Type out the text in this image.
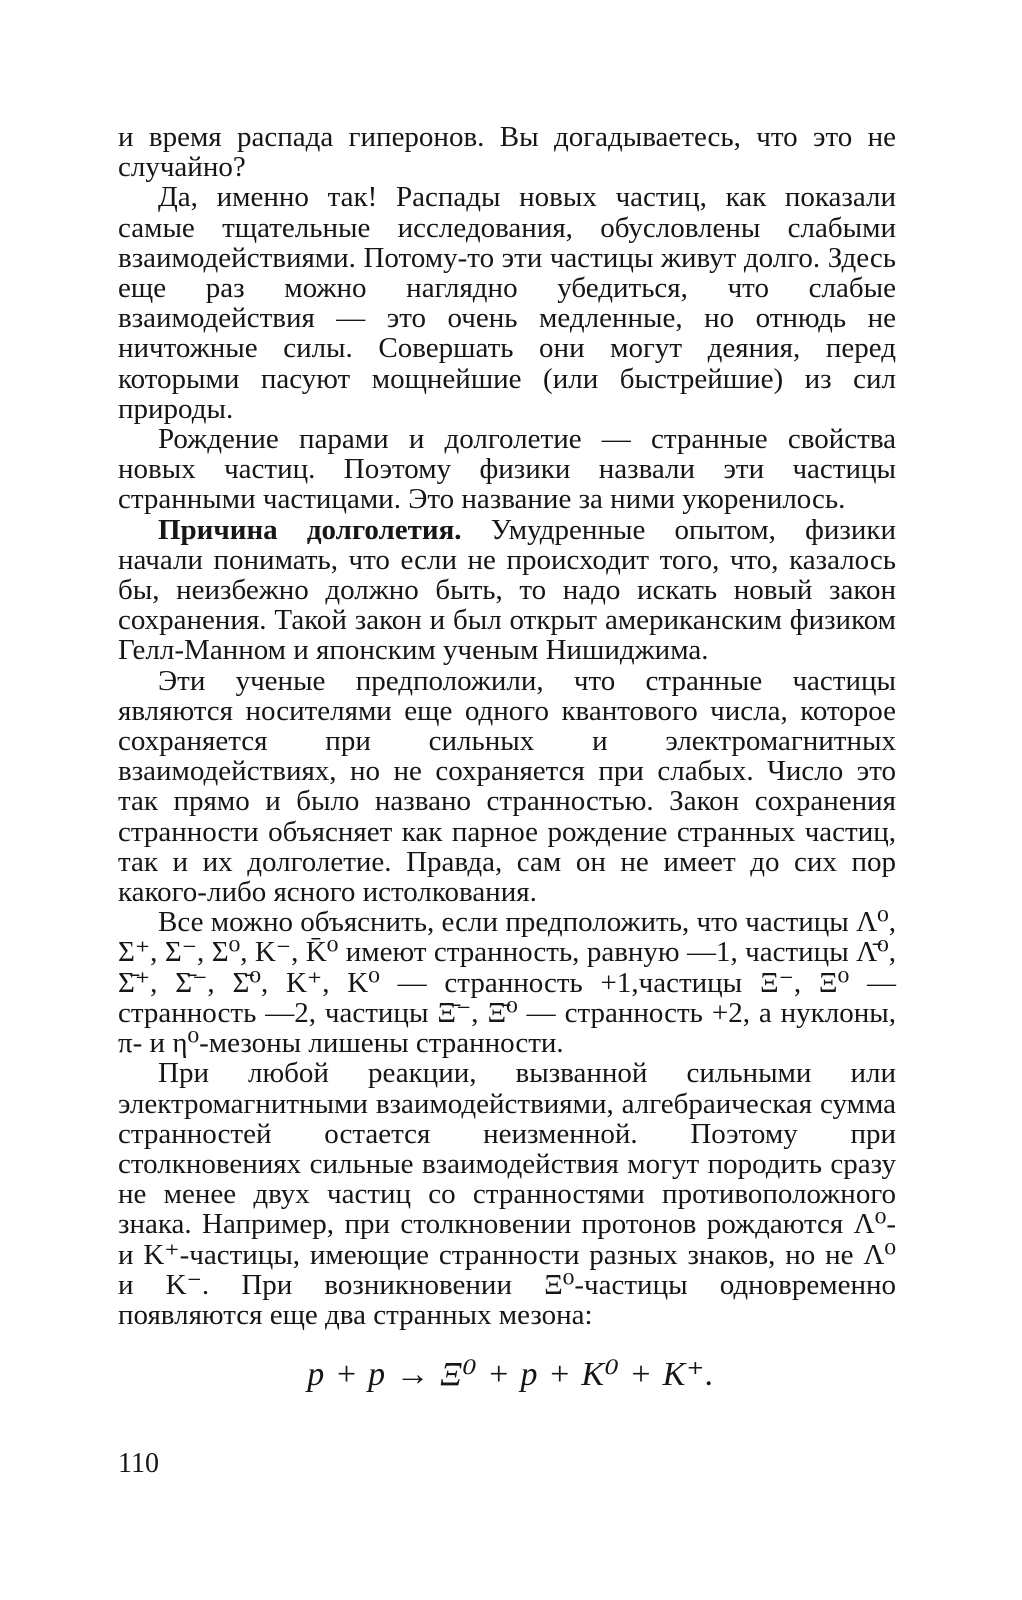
и время распада гиперонов. Вы догадываетесь, что это не случайно?

Да, именно так! Распады новых частиц, как показали самые тщательные исследования, обусловлены слабыми взаимодействиями. Потому-то эти частицы живут долго. Здесь еще раз можно наглядно убедиться, что слабые взаимодействия — это очень медленные, но отнюдь не ничтожные силы. Совершать они могут деяния, перед которыми пасуют мощнейшие (или быстрейшие) из сил природы.

Рождение парами и долголетие — странные свойства новых частиц. Поэтому физики назвали эти частицы странными частицами. Это название за ними укоренилось.

Причина долголетия. Умудренные опытом, физики начали понимать, что если не происходит того, что, казалось бы, неизбежно должно быть, то надо искать новый закон сохранения. Такой закон и был открыт американским физиком Гелл-Манном и японским ученым Нишиджима.

Эти ученые предположили, что странные частицы являются носителями еще одного квантового числа, которое сохраняется при сильных и электромагнитных взаимодействиях, но не сохраняется при слабых. Число это так прямо и было названо странностью. Закон сохранения странности объясняет как парное рождение странных частиц, так и их долголетие. Правда, сам он не имеет до сих пор какого-либо ясного истолкования.

Все можно объяснить, если предположить, что частицы Λ⁰, Σ⁺, Σ⁻, Σ⁰, K⁻, K̄⁰ имеют странность, равную —1, частицы Λ̄⁰, Σ̄⁺, Σ̄⁻, Σ̄⁰, K⁺, K⁰ — странность +1,частицы Ξ⁻, Ξ⁰ — странность —2, частицы Ξ̄⁻, Ξ̄⁰ — странность +2, а нуклоны, π- и η⁰-мезоны лишены странности.

При любой реакции, вызванной сильными или электромагнитными взаимодействиями, алгебраическая сумма странностей остается неизменной. Поэтому при столкновениях сильные взаимодействия могут породить сразу не менее двух частиц со странностями противоположного знака. Например, при столкновении протонов рождаются Λ⁰- и K⁺-частицы, имеющие странности разных знаков, но не Λ⁰ и K⁻. При возникновении Ξ⁰-частицы одновременно появляются еще два странных мезона:

p + p → Ξ⁰ + p + K⁰ + K⁺.
110
